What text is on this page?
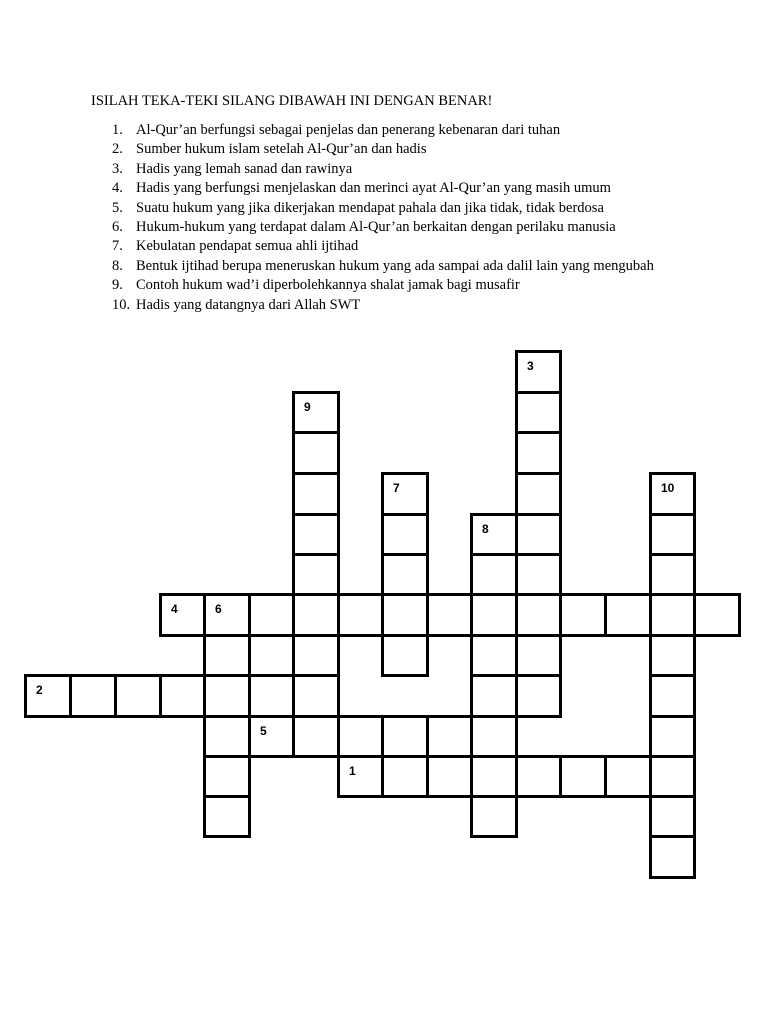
ISILAH TEKA-TEKI SILANG DIBAWAH INI DENGAN BENAR!
1. Al-Qur’an berfungsi sebagai penjelas dan penerang kebenaran dari tuhan
2. Sumber hukum islam setelah Al-Qur’an dan hadis
3. Hadis yang lemah sanad dan rawinya
4. Hadis yang berfungsi menjelaskan dan merinci ayat Al-Qur’an yang masih umum
5. Suatu hukum yang jika dikerjakan mendapat pahala dan jika tidak, tidak berdosa
6. Hukum-hukum yang terdapat dalam Al-Qur’an berkaitan dengan perilaku manusia
7. Kebulatan pendapat semua ahli ijtihad
8. Bentuk ijtihad berupa meneruskan hukum yang ada sampai ada dalil lain yang mengubah
9. Contoh hukum wad’i diperbolehkannya shalat jamak bagi musafir
10. Hadis yang datangnya dari Allah SWT
3
9
7	10
8
4	6
2
5
1
